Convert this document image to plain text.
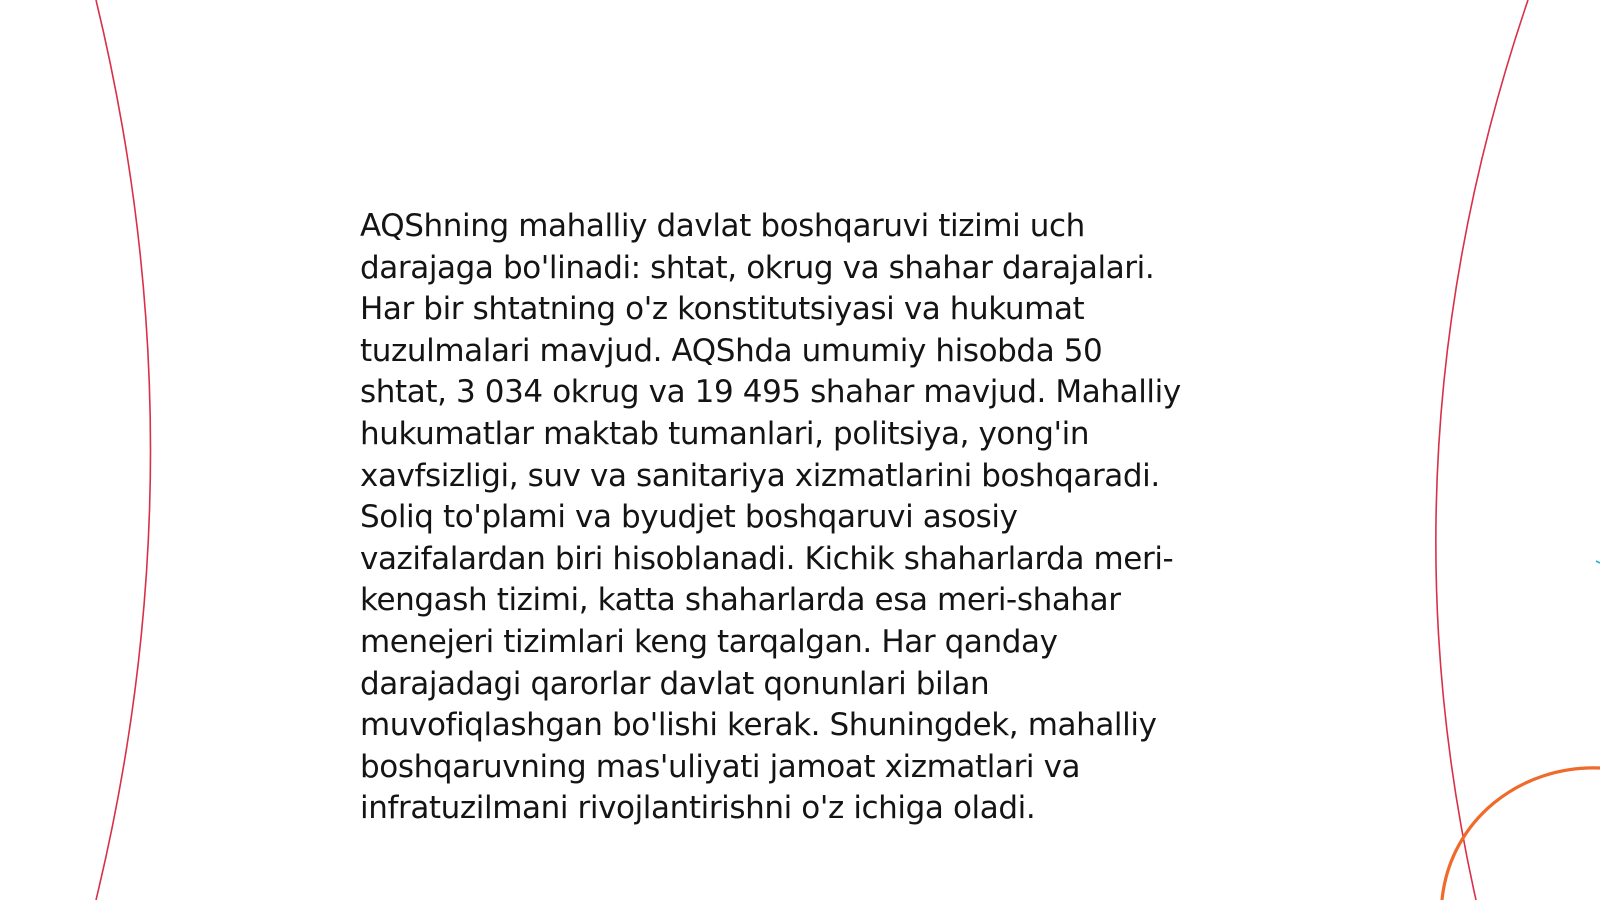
AQShning mahalliy davlat boshqaruvi tizimi uch
darajaga bo'linadi: shtat, okrug va shahar darajalari.
Har bir shtatning o'z konstitutsiyasi va hukumat
tuzulmalari mavjud. AQShda umumiy hisobda 50
shtat, 3 034 okrug va 19 495 shahar mavjud. Mahalliy
hukumatlar maktab tumanlari, politsiya, yong'in
xavfsizligi, suv va sanitariya xizmatlarini boshqaradi.
Soliq to'plami va byudjet boshqaruvi asosiy
vazifalardan biri hisoblanadi. Kichik shaharlarda meri-
kengash tizimi, katta shaharlarda esa meri-shahar
menejeri tizimlari keng tarqalgan. Har qanday
darajadagi qarorlar davlat qonunlari bilan
muvofiqlashgan bo'lishi kerak. Shuningdek, mahalliy
boshqaruvning mas'uliyati jamoat xizmatlari va
infratuzilmani rivojlantirishni o'z ichiga oladi.
